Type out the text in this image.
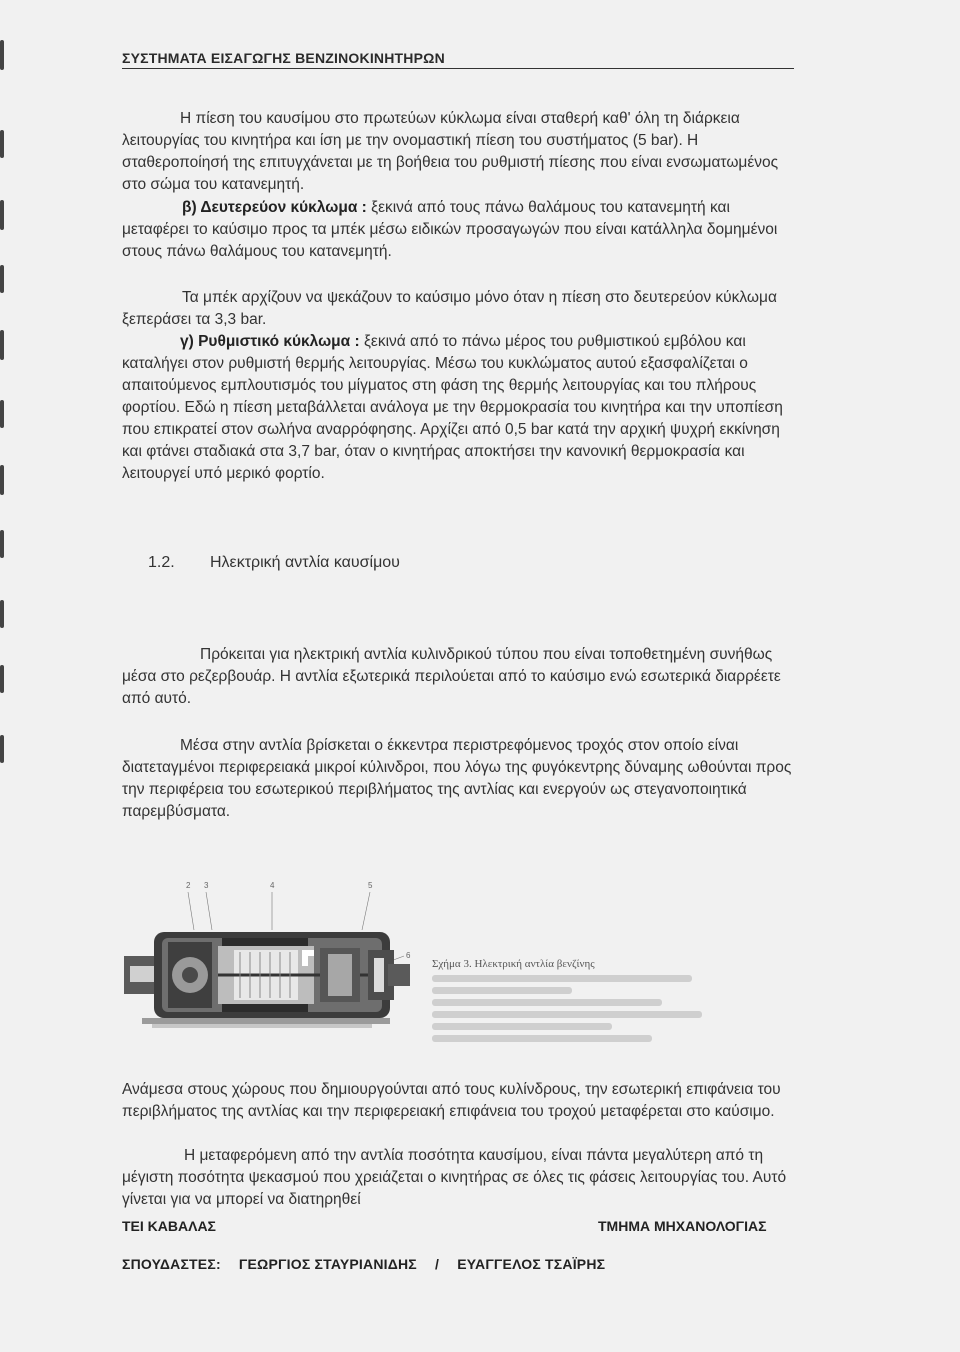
ΣΥΣΤΗΜΑΤΑ ΕΙΣΑΓΩΓΗΣ ΒΕΝΖΙΝΟΚΙΝΗΤΗΡΩΝ
Η πίεση του καυσίμου στο πρωτεύων κύκλωμα είναι σταθερή καθ' όλη τη διάρκεια λειτουργίας του κινητήρα και ίση με την ονομαστική πίεση του συστήματος (5 bar). Η σταθεροποίησή της επιτυγχάνεται με τη βοήθεια του ρυθμιστή πίεσης που είναι ενσωματωμένος στο σώμα του κατανεμητή.
β) Δευτερεύον κύκλωμα : ξεκινά από τους πάνω θαλάμους του κατανεμητή και μεταφέρει το καύσιμο προς τα μπέκ μέσω ειδικών προσαγωγών που είναι κατάλληλα δομημένοι στους πάνω θαλάμους του κατανεμητή.
Τα μπέκ αρχίζουν να ψεκάζουν το καύσιμο μόνο όταν η πίεση στο δευτερεύον κύκλωμα ξεπεράσει τα 3,3 bar.
γ) Ρυθμιστικό κύκλωμα : ξεκινά από το πάνω μέρος του ρυθμιστικού εμβόλου και καταλήγει στον ρυθμιστή θερμής λειτουργίας. Μέσω του κυκλώματος αυτού εξασφαλίζεται ο απαιτούμενος εμπλουτισμός του μίγματος στη φάση της θερμής λειτουργίας και του πλήρους φορτίου. Εδώ η πίεση μεταβάλλεται ανάλογα με την θερμοκρασία του κινητήρα και την υποπίεση που επικρατεί στον σωλήνα αναρρόφησης. Αρχίζει από 0,5 bar κατά την αρχική ψυχρή εκκίνηση και φτάνει σταδιακά στα 3,7 bar, όταν ο κινητήρας αποκτήσει την κανονική θερμοκρασία και λειτουργεί υπό μερικό φορτίο.
1.2. Ηλεκτρική αντλία καυσίμου
Πρόκειται για ηλεκτρική αντλία κυλινδρικού τύπου που είναι τοποθετημένη συνήθως μέσα στο ρεζερβουάρ. Η αντλία εξωτερικά περιλούεται από το καύσιμο ενώ εσωτερικά διαρρέετε από αυτό.
Μέσα στην αντλία βρίσκεται ο έκκεντρα περιστρεφόμενος τροχός στον οποίο είναι διατεταγμένοι περιφερειακά μικροί κύλινδροι, που λόγω της φυγόκεντρης δύναμης ωθούνται προς την περιφέρεια του εσωτερικού περιβλήματος της αντλίας και ενεργούν ως στεγανοποιητικά παρεμβύσματα.
2 3	4	5
6
Σχήμα 3. Ηλεκτρική αντλία βενζίνης
Ανάμεσα στους χώρους που δημιουργούνται από τους κυλίνδρους, την εσωτερική επιφάνεια του περιβλήματος της αντλίας και την περιφερειακή επιφάνεια του τροχού μεταφέρεται στο καύσιμο.
Η μεταφερόμενη από την αντλία ποσότητα καυσίμου, είναι πάντα μεγαλύτερη από τη μέγιστη ποσότητα ψεκασμού που χρειάζεται ο κινητήρας σε όλες τις φάσεις λειτουργίας του. Αυτό γίνεται για να μπορεί να διατηρηθεί
ΤΕΙ ΚΑΒΑΛΑΣ	ΤΜΗΜΑ ΜΗΧΑΝΟΛΟΓΙΑΣ
ΣΠΟΥΔΑΣΤΕΣ: ΓΕΩΡΓΙΟΣ ΣΤΑΥΡΙΑΝΙΔΗΣ / ΕΥΑΓΓΕΛΟΣ ΤΣΑΪΡΗΣ
